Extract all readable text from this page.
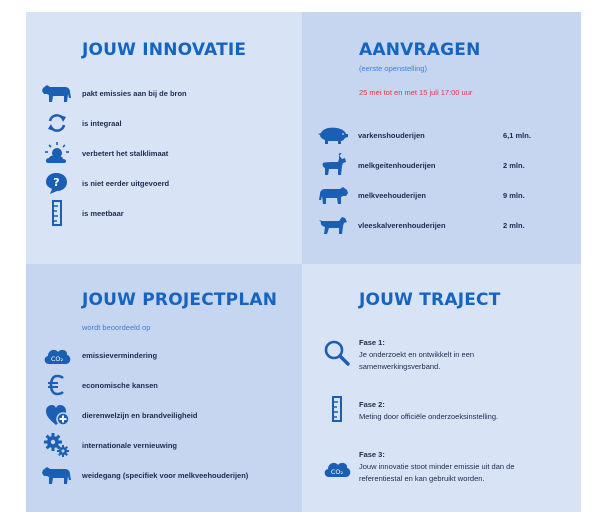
JOUW INNOVATIE
pakt emissies aan bij de bron
is integraal
verbetert het stalklimaat
?	is niet eerder uitgevoerd
is meetbaar
AANVRAGEN
(eerste openstelling)
25 mei tot en met 15 juli 17:00 uur
varkenshouderijen	6,1 mln.
melkgeitenhouderijen	2 mln.
melkveehouderijen	9 mln.
vleeskalverenhouderijen	2 mln.
JOUW PROJECTPLAN
wordt beoordeeld op
CO₂	emissievermindering
economische kansen
dierenwelzijn en brandveiligheid
internationale vernieuwing
weidegang (specifiek voor melkveehouderijen)
JOUW TRAJECT
Fase 1:
Je onderzoekt en ontwikkelt in een samenwerkingsverband.
Fase 2:
Meting door officiële onderzoeksinstelling.
CO₂
Fase 3:
Jouw innovatie stoot minder emissie uit dan de referentiestal en kan gebruikt worden.
